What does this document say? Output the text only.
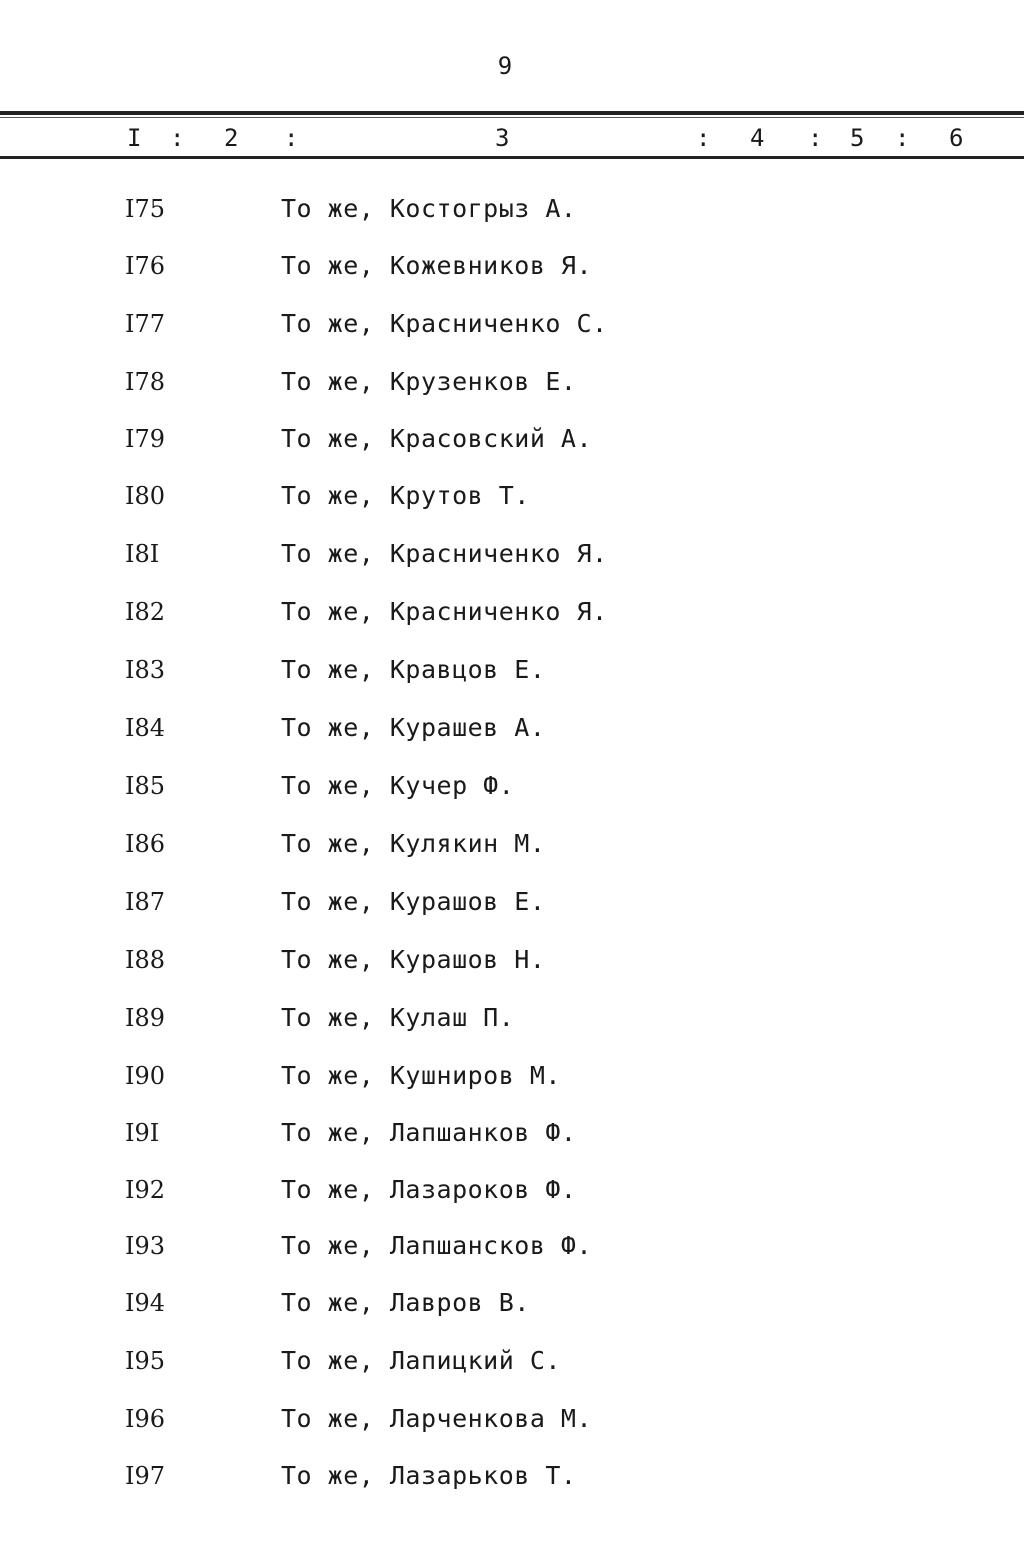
9
I : 2 :	3	: 4 : 5 : 6
I75	То же, Костогрыз А.
I76	То же, Кожевников Я.
I77	То же, Красниченко С.
I78	То же, Крузенков Е.
I79	То же, Красовский А.
I80	То же, Крутов Т.
I8I	То же, Красниченко Я.
I82	То же, Красниченко Я.
I83	То же, Кравцов Е.
I84	То же, Курашев А.
I85	То же, Кучер Ф.
I86	То же, Кулякин М.
I87	То же, Курашов Е.
I88	То же, Курашов Н.
I89	То же, Кулаш П.
I90	То же, Кушниров М.
I9I	То же, Лапшанков Ф.
I92	То же, Лазароков Ф.
I93	То же, Лапшансков Ф.
I94	То же, Лавров В.
I95	То же, Лапицкий С.
I96	То же, Ларченкова М.
I97	То же, Лазарьков Т.
